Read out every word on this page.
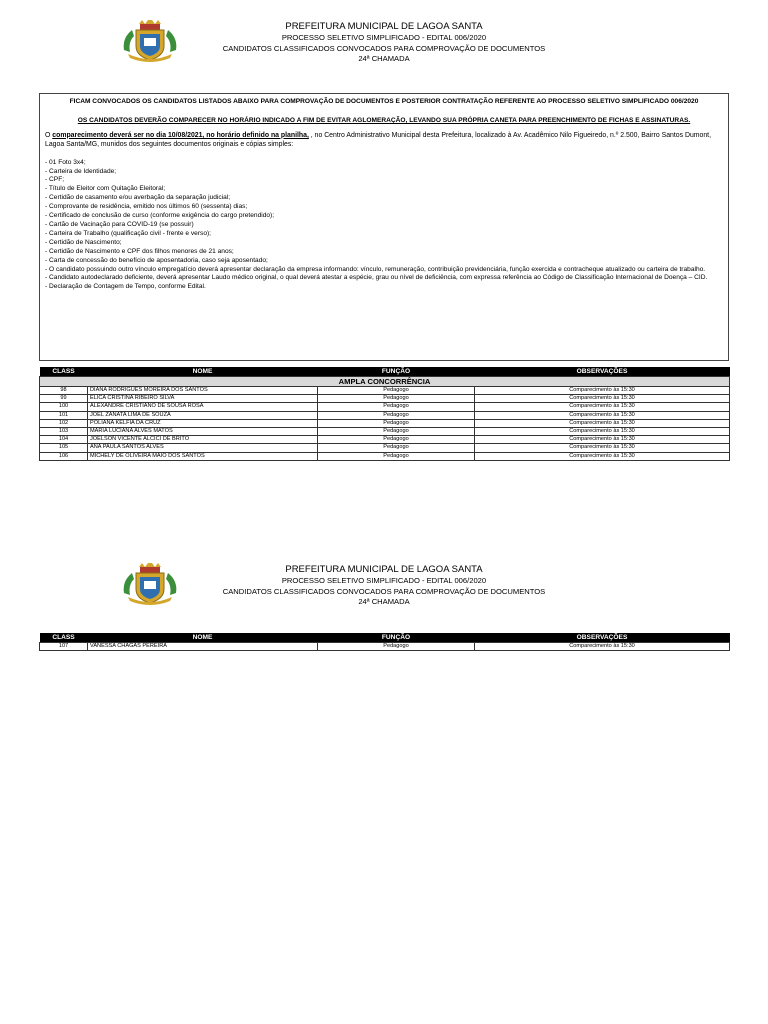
PREFEITURA MUNICIPAL DE LAGOA SANTA
PROCESSO SELETIVO SIMPLIFICADO - EDITAL 006/2020
CANDIDATOS CLASSIFICADOS CONVOCADOS PARA COMPROVAÇÃO DE DOCUMENTOS
24ª CHAMADA

FICAM CONVOCADOS OS CANDIDATOS LISTADOS ABAIXO PARA COMPROVAÇÃO DE DOCUMENTOS E POSTERIOR CONTRATAÇÃO REFERENTE AO PROCESSO SELETIVO SIMPLIFICADO 006/2020

OS CANDIDATOS DEVERÃO COMPARECER NO HORÁRIO INDICADO A FIM DE EVITAR AGLOMERAÇÃO, LEVANDO SUA PRÓPRIA CANETA PARA PREENCHIMENTO DE FICHAS E ASSINATURAS.

O comparecimento deverá ser no dia 10/08/2021, no horário definido na planilha, , no Centro Administrativo Municipal desta Prefeitura, localizado à Av. Acadêmico Nilo Figueiredo, n.º 2.500, Bairro Santos Dumont, Lagoa Santa/MG, munidos dos seguintes documentos originais e cópias simples:

- 01 Foto 3x4;
- Carteira de Identidade;
- CPF;
- Título de Eleitor com Quitação Eleitoral;
- Certidão de casamento e/ou averbação da separação judicial;
- Comprovante de residência, emitido nos últimos 60 (sessenta) dias;
- Certificado de conclusão de curso (conforme exigência do cargo pretendido);
- Cartão de Vacinação para COVID-19 (se possuir)
- Carteira de Trabalho (qualificação civil - frente e verso);
- Certidão de Nascimento;
- Certidão de Nascimento e CPF dos filhos menores de 21 anos;
- Carta de concessão do benefício de aposentadoria, caso seja aposentado;
- O candidato possuindo outro vínculo empregatício deverá apresentar declaração da empresa informando: vínculo, remuneração, contribuição previdenciária, função exercida e contracheque atualizado ou carteira de trabalho.
- Candidato autodeclarado deficiente, deverá apresentar Laudo médico original, o qual deverá atestar a espécie, grau ou nível de deficiência, com expressa referência ao Código de Classificação Internacional de Doença – CID.
- Declaração de Contagem de Tempo, conforme Edital.
CLASS	NOME	FUNÇÃO	OBSERVAÇÕES
AMPLA CONCORRÊNCIA			
98	DIANA RODRIGUES MOREIRA DOS SANTOS	Pedagogo	Comparecimento às 15:30
99	ÉLICA CRISTINA RIBEIRO SILVA	Pedagogo	Comparecimento às 15:30
100	ALEXANDRE CRISTIANO DE SOUSA ROSA	Pedagogo	Comparecimento às 15:30
101	JOEL ZANATA LIMA DE SOUZA	Pedagogo	Comparecimento às 15:30
102	POLIANA KELFIA DA CRUZ	Pedagogo	Comparecimento às 15:30
103	MARIA LUCIANA ALVES MATOS	Pedagogo	Comparecimento às 15:30
104	JOELSON VICENTE ALCICI DE BRITO	Pedagogo	Comparecimento às 15:30
105	ANA PAULA SANTOS ALVES	Pedagogo	Comparecimento às 15:30
106	MICHELY DE OLIVEIRA MAIO DOS SANTOS	Pedagogo	Comparecimento às 15:30
PREFEITURA MUNICIPAL DE LAGOA SANTA
PROCESSO SELETIVO SIMPLIFICADO - EDITAL 006/2020
CANDIDATOS CLASSIFICADOS CONVOCADOS PARA COMPROVAÇÃO DE DOCUMENTOS
24ª CHAMADA
CLASS	NOME	FUNÇÃO	OBSERVAÇÕES
107	VANESSA CHAGAS PEREIRA	Pedagogo	Comparecimento às 15:30
